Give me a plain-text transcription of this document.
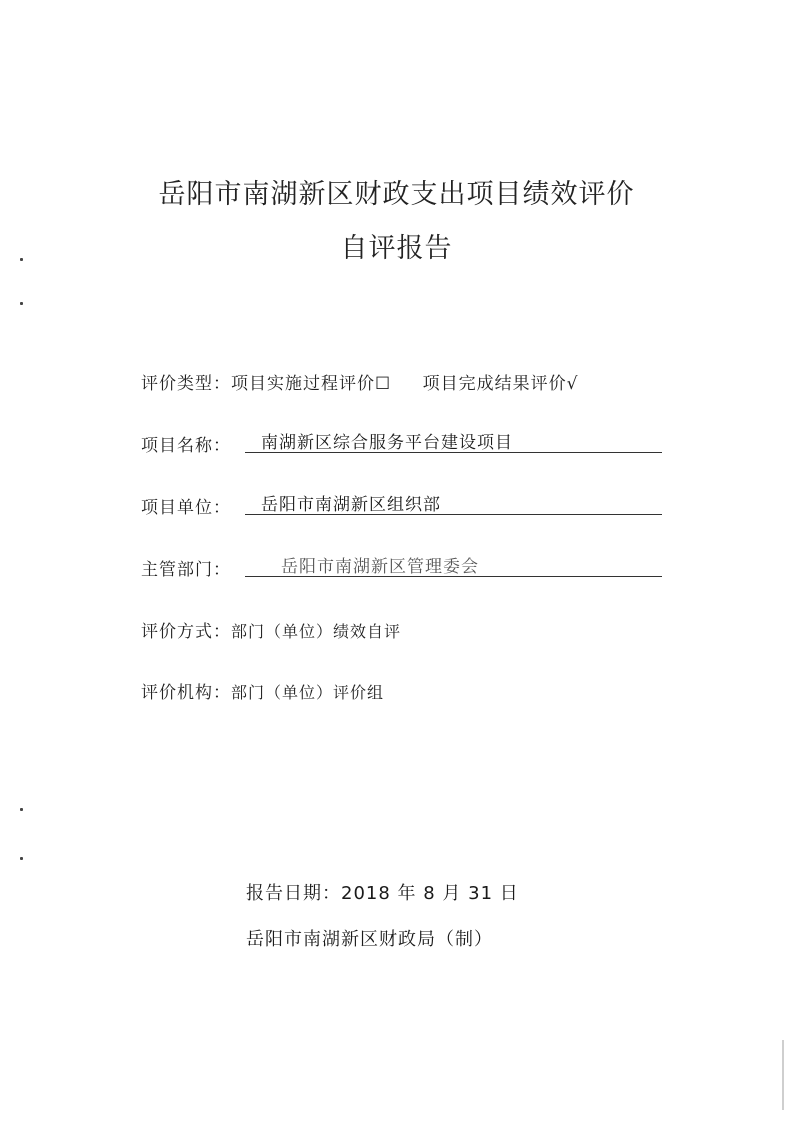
岳阳市南湖新区财政支出项目绩效评价
自评报告
评价类型：项目实施过程评价☐ 项目完成结果评价√
项目名称： 南湖新区综合服务平台建设项目
项目单位： 岳阳市南湖新区组织部
主管部门：	岳阳市南湖新区管理委会
评价方式：部门（单位）绩效自评
评价机构：部门（单位）评价组
报告日期：2018 年 8 月 31 日
岳阳市南湖新区财政局（制）
